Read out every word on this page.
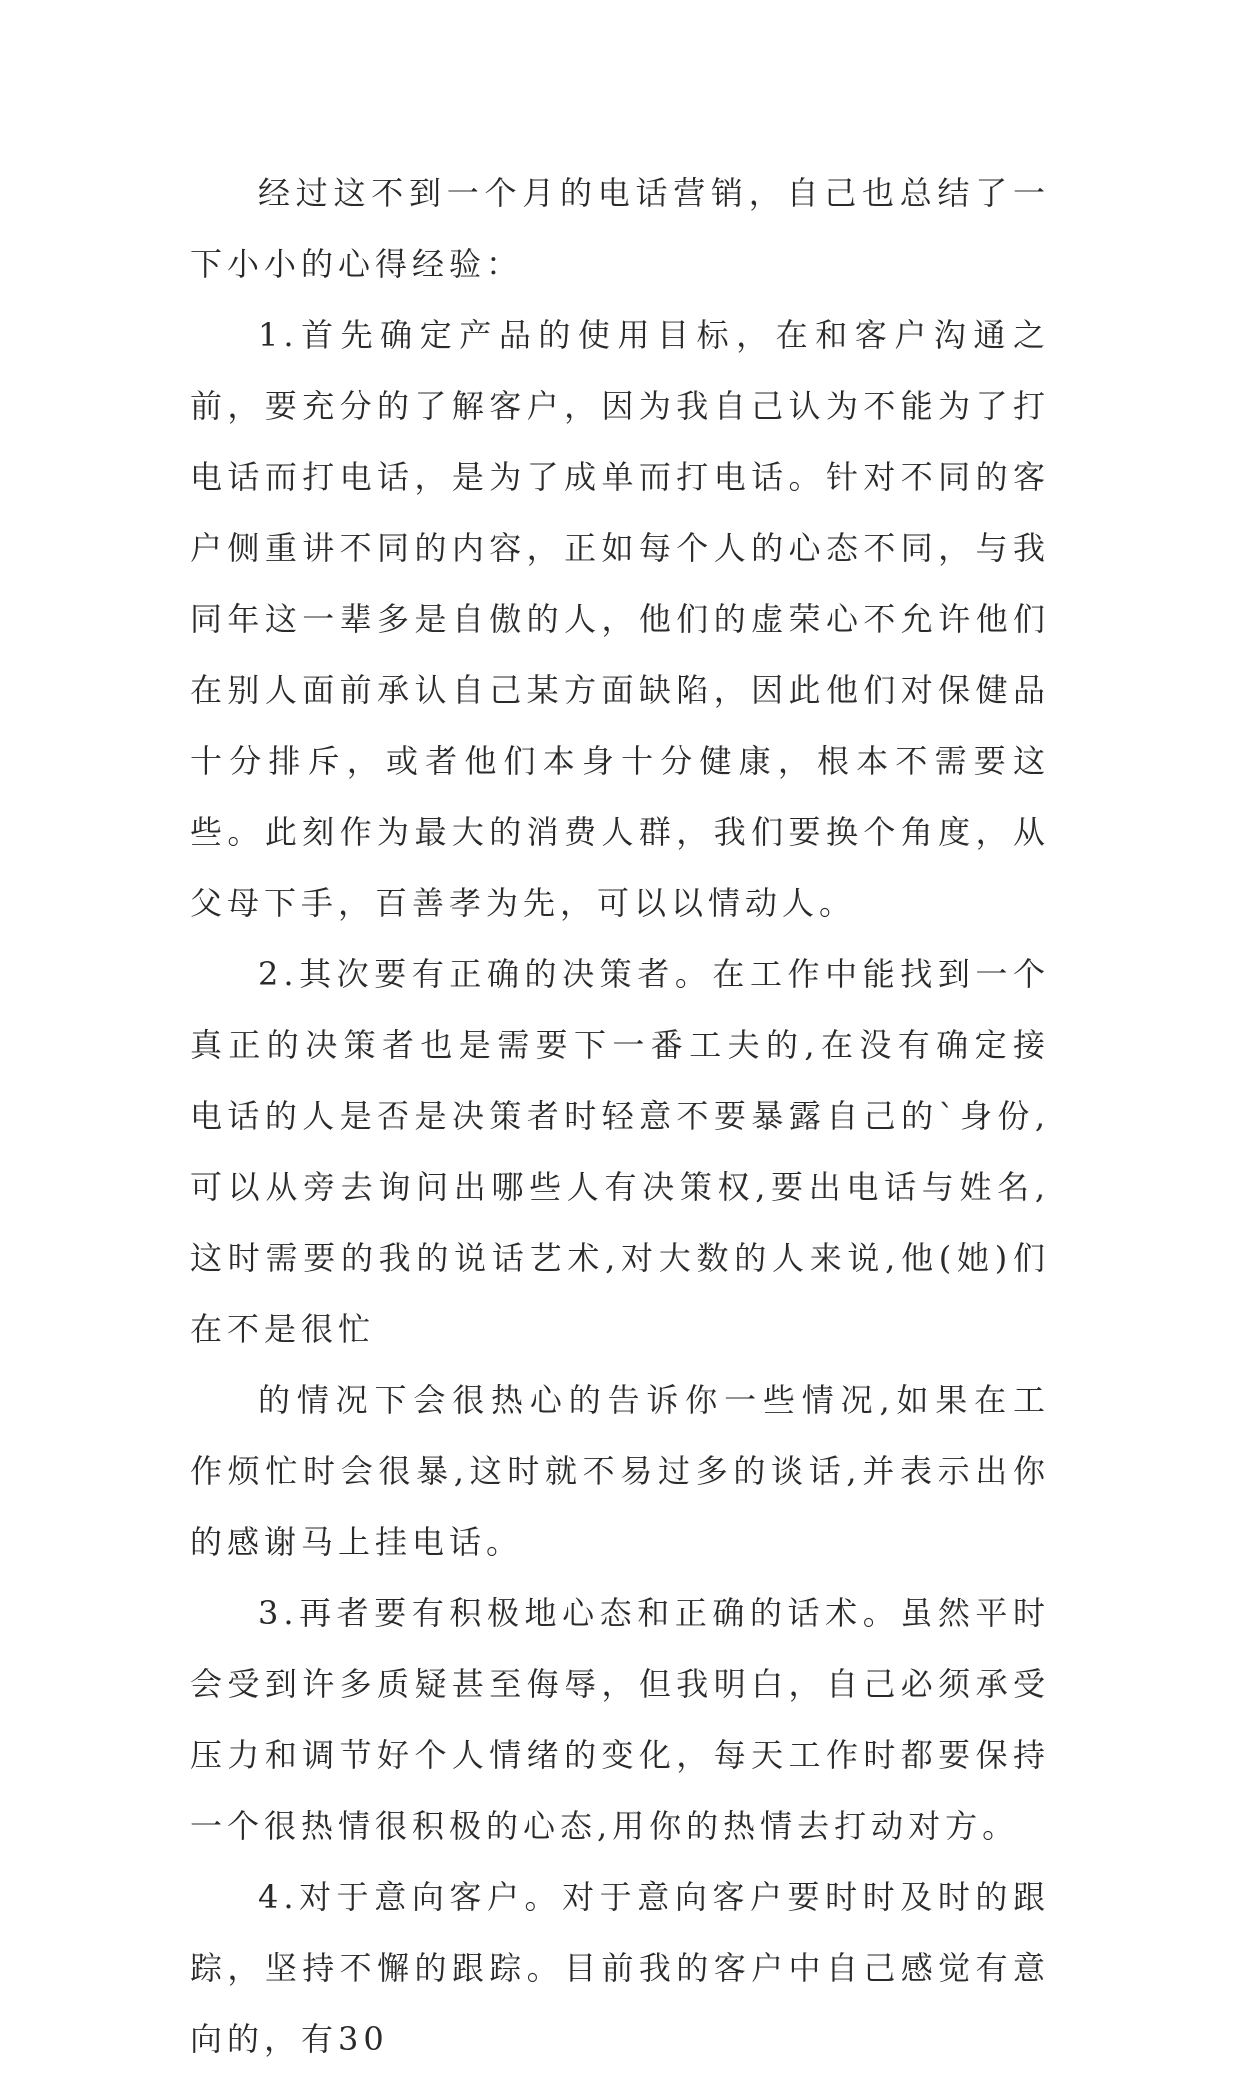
经过这不到一个月的电话营销，自己也总结了一下小小的心得经验：

1.首先确定产品的使用目标，在和客户沟通之前，要充分的了解客户，因为我自己认为不能为了打电话而打电话，是为了成单而打电话。针对不同的客户侧重讲不同的内容，正如每个人的心态不同，与我同年这一辈多是自傲的人，他们的虚荣心不允许他们在别人面前承认自己某方面缺陷，因此他们对保健品十分排斥，或者他们本身十分健康，根本不需要这些。此刻作为最大的消费人群，我们要换个角度，从父母下手，百善孝为先，可以以情动人。

2.其次要有正确的决策者。在工作中能找到一个真正的决策者也是需要下一番工夫的,在没有确定接电话的人是否是决策者时轻意不要暴露自己的`身份,可以从旁去询问出哪些人有决策权,要出电话与姓名,这时需要的我的说话艺术,对大数的人来说,他(她)们在不是很忙

的情况下会很热心的告诉你一些情况,如果在工作烦忙时会很暴,这时就不易过多的谈话,并表示出你的感谢马上挂电话。

3.再者要有积极地心态和正确的话术。虽然平时会受到许多质疑甚至侮辱，但我明白，自己必须承受压力和调节好个人情绪的变化，每天工作时都要保持一个很热情很积极的心态,用你的热情去打动对方。

4.对于意向客户。对于意向客户要时时及时的跟踪，坚持不懈的跟踪。目前我的客户中自己感觉有意向的，有30
